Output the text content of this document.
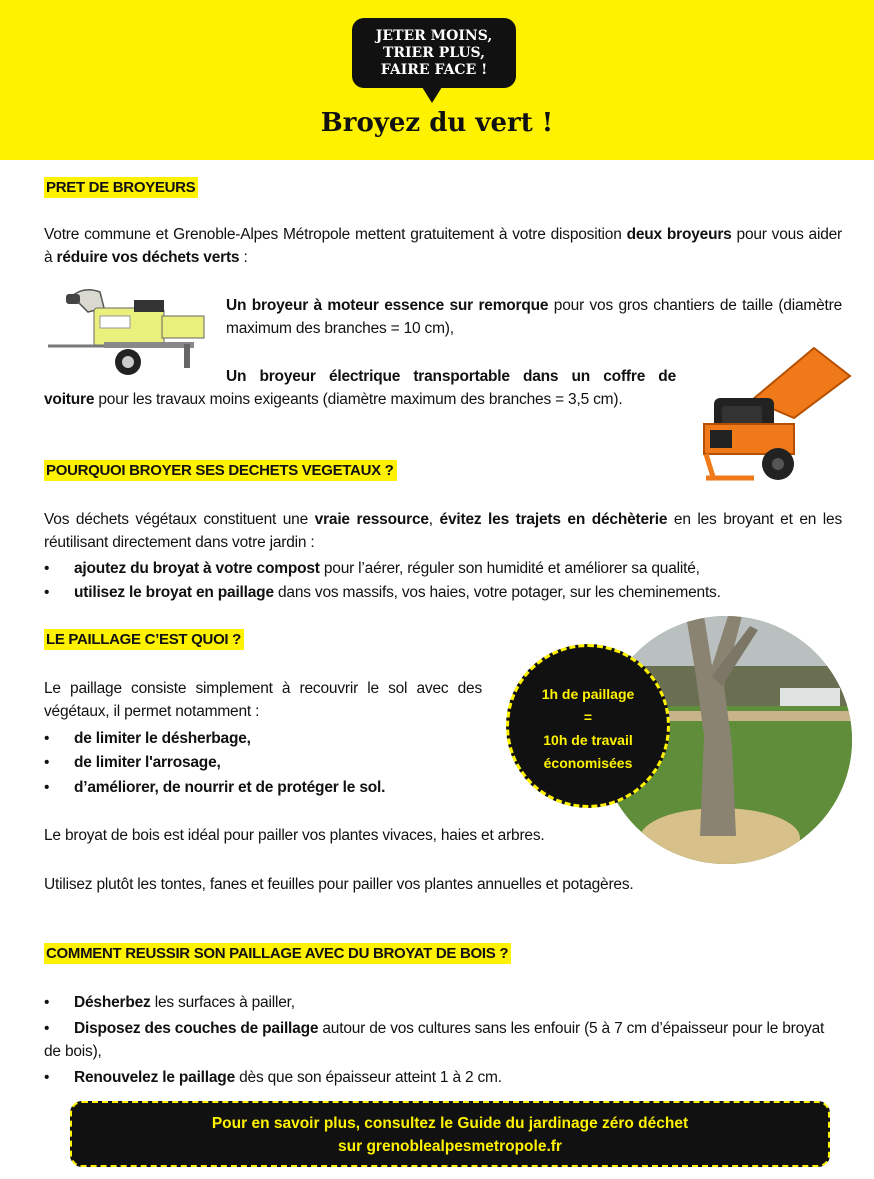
JETER MOINS,
TRIER PLUS,
FAIRE FACE !
Broyez du vert !
PRET DE BROYEURS
Votre commune et Grenoble-Alpes Métropole mettent gratuitement à votre disposition deux broyeurs pour vous aider à réduire vos déchets verts :
Un broyeur à moteur essence sur remorque pour vos gros chantiers de taille (diamètre maximum des branches = 10 cm),
Un broyeur électrique transportable dans un coffre de
voiture pour les travaux moins exigeants (diamètre maximum des branches = 3,5 cm).
POURQUOI BROYER SES DECHETS VEGETAUX ?
Vos déchets végétaux constituent une vraie ressource, évitez les trajets en déchèterie en les broyant et en les réutilisant directement dans votre jardin :
• ajoutez du broyat à votre compost pour l’aérer, réguler son humidité et améliorer sa qualité,
• utilisez le broyat en paillage dans vos massifs, vos haies, votre potager, sur les cheminements.
LE PAILLAGE C’EST QUOI ?
Le paillage consiste simplement à recouvrir le sol avec des végétaux, il permet notamment :
• de limiter le désherbage,
• de limiter l'arrosage,
• d’améliorer, de nourrir et de protéger le sol.
Le broyat de bois est idéal pour pailler vos plantes vivaces, haies et arbres.
Utilisez plutôt les tontes, fanes et feuilles pour pailler vos plantes annuelles et potagères.
1h de paillage
=
10h de travail
économisées
COMMENT REUSSIR SON PAILLAGE AVEC DU BROYAT DE BOIS ?
• Désherbez les surfaces à pailler,
• Disposez des couches de paillage autour de vos cultures sans les enfouir (5 à 7 cm d’épaisseur pour le broyat de bois),
• Renouvelez le paillage dès que son épaisseur atteint 1 à 2 cm.
Pour en savoir plus, consultez le Guide du jardinage zéro déchet
sur grenoblealpesmetropole.fr
